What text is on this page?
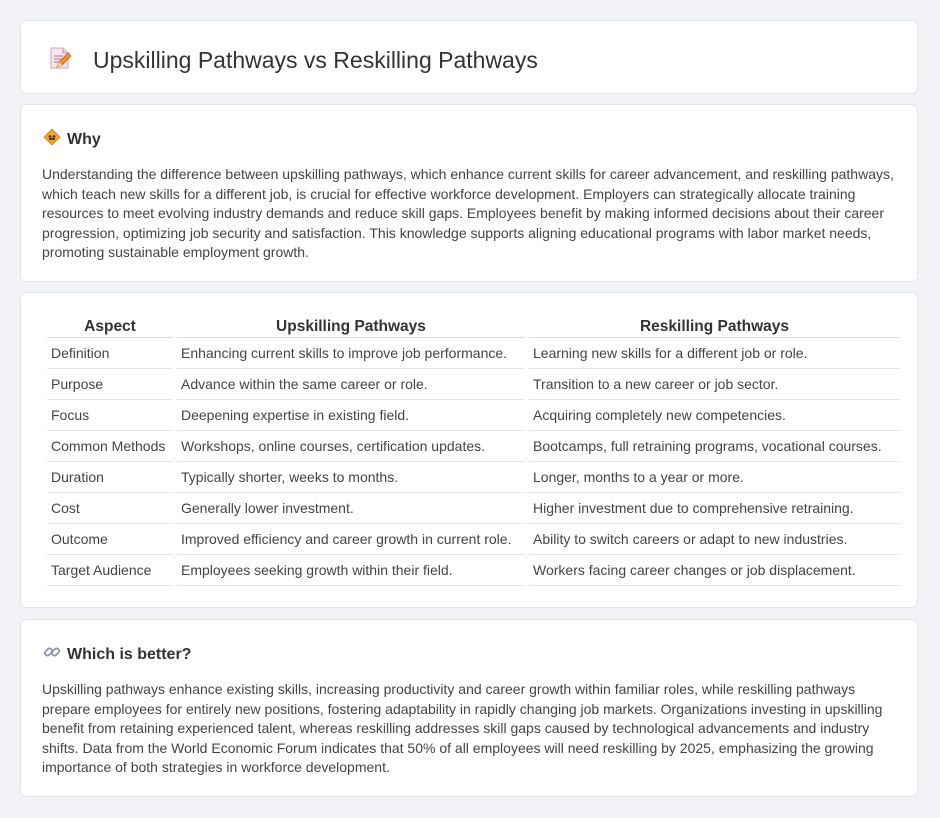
Upskilling Pathways vs Reskilling Pathways
Why

Understanding the difference between upskilling pathways, which enhance current skills for career advancement, and reskilling pathways, which teach new skills for a different job, is crucial for effective workforce development. Employers can strategically allocate training resources to meet evolving industry demands and reduce skill gaps. Employees benefit by making informed decisions about their career progression, optimizing job security and satisfaction. This knowledge supports aligning educational programs with labor market needs, promoting sustainable employment growth.

Aspect	Upskilling Pathways	Reskilling Pathways
Definition	Enhancing current skills to improve job performance.	Learning new skills for a different job or role.
Purpose	Advance within the same career or role.	Transition to a new career or job sector.
Focus	Deepening expertise in existing field.	Acquiring completely new competencies.
Common Methods	Workshops, online courses, certification updates.	Bootcamps, full retraining programs, vocational courses.
Duration	Typically shorter, weeks to months.	Longer, months to a year or more.
Cost	Generally lower investment.	Higher investment due to comprehensive retraining.
Outcome	Improved efficiency and career growth in current role.	Ability to switch careers or adapt to new industries.
Target Audience	Employees seeking growth within their field.	Workers facing career changes or job displacement.
Which is better?

Upskilling pathways enhance existing skills, increasing productivity and career growth within familiar roles, while reskilling pathways prepare employees for entirely new positions, fostering adaptability in rapidly changing job markets. Organizations investing in upskilling benefit from retaining experienced talent, whereas reskilling addresses skill gaps caused by technological advancements and industry shifts. Data from the World Economic Forum indicates that 50% of all employees will need reskilling by 2025, emphasizing the growing importance of both strategies in workforce development.
